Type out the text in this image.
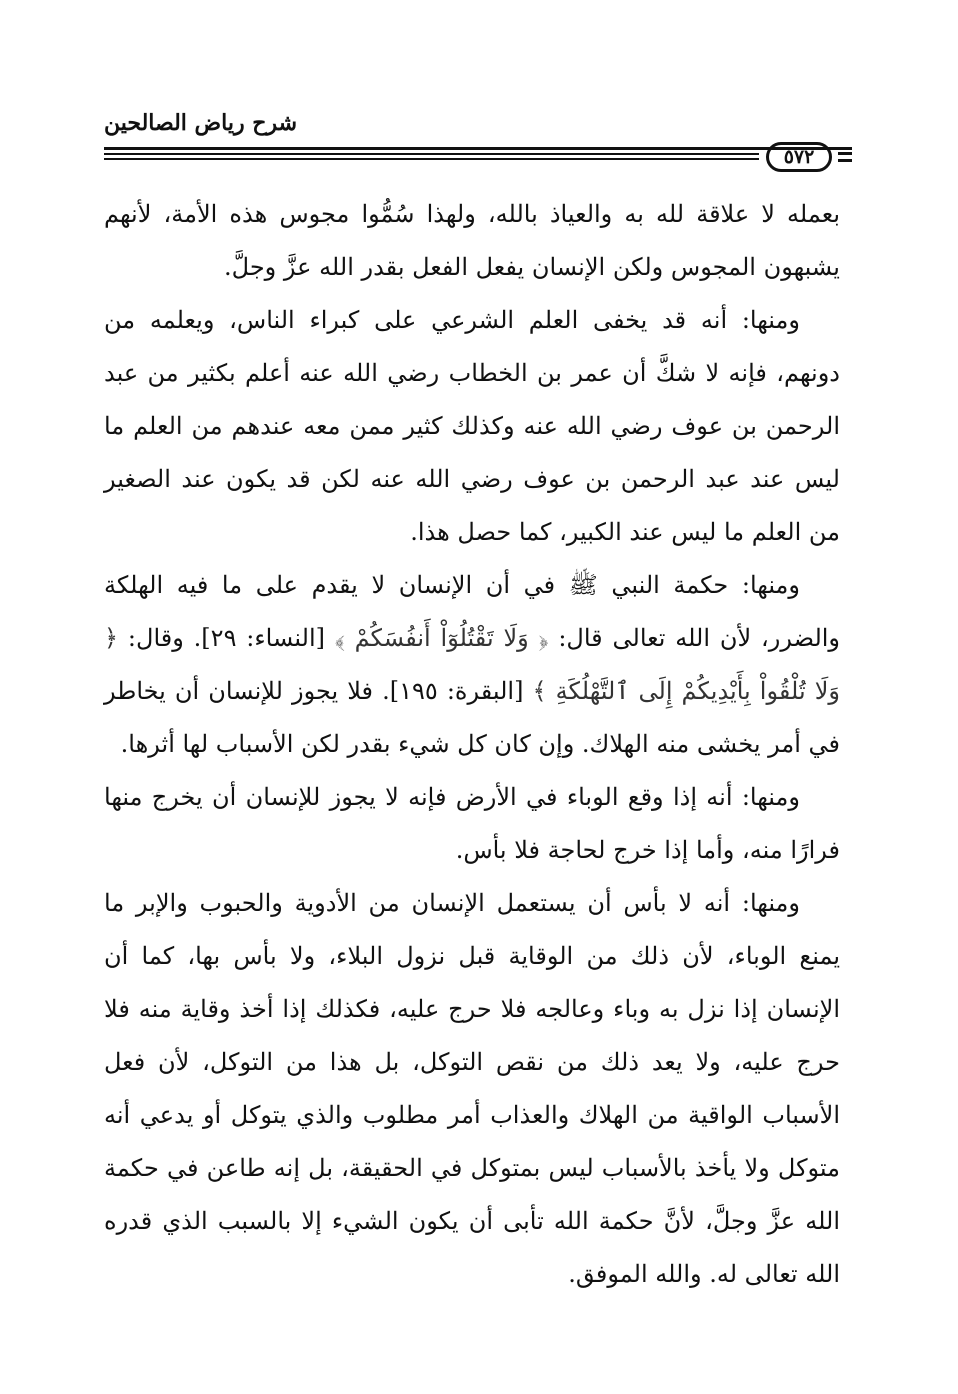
شرح رياض الصالحين
٥٧٢

بعمله لا علاقة لله به والعياذ بالله، ولهذا سُمُّوا مجوس هذه الأمة، لأنهم يشبهون المجوس ولكن الإنسان يفعل الفعل بقدر الله عزَّ وجلَّ.

ومنها: أنه قد يخفى العلم الشرعي على كبراء الناس، ويعلمه من دونهم، فإنه لا شكَّ أن عمر بن الخطاب رضي الله عنه أعلم بكثير من عبد الرحمن بن عوف رضي الله عنه وكذلك كثير ممن معه عندهم من العلم ما ليس عند عبد الرحمن بن عوف رضي الله عنه لكن قد يكون عند الصغير من العلم ما ليس عند الكبير، كما حصل هذا.

ومنها: حكمة النبي ﷺ في أن الإنسان لا يقدم على ما فيه الهلكة والضرر، لأن الله تعالى قال: ﴿ وَلَا تَقْتُلُوٓاْ أَنفُسَكُمْ ﴾ [النساء: ٢٩]. وقال: ﴿ وَلَا تُلْقُواْ بِأَيْدِيكُمْ إِلَى ٱلتَّهْلُكَةِ ﴾ [البقرة: ١٩٥]. فلا يجوز للإنسان أن يخاطر في أمر يخشى منه الهلاك. وإن كان كل شيء بقدر لكن الأسباب لها أثرها.

ومنها: أنه إذا وقع الوباء في الأرض فإنه لا يجوز للإنسان أن يخرج منها فرارًا منه، وأما إذا خرج لحاجة فلا بأس.

ومنها: أنه لا بأس أن يستعمل الإنسان من الأدوية والحبوب والإبر ما يمنع الوباء، لأن ذلك من الوقاية قبل نزول البلاء، ولا بأس بها، كما أن الإنسان إذا نزل به وباء وعالجه فلا حرج عليه، فكذلك إذا أخذ وقاية منه فلا حرج عليه، ولا يعد ذلك من نقص التوكل، بل هذا من التوكل، لأن فعل الأسباب الواقية من الهلاك والعذاب أمر مطلوب والذي يتوكل أو يدعي أنه متوكل ولا يأخذ بالأسباب ليس بمتوكل في الحقيقة، بل إنه طاعن في حكمة الله عزَّ وجلَّ، لأنَّ حكمة الله تأبى أن يكون الشيء إلا بالسبب الذي قدره الله تعالى له. والله الموفق.
